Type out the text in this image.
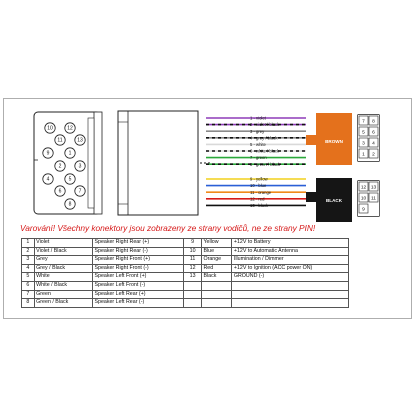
10	12
11	13
9	1
2	3
4	5
6	7
8
1 - violet
2 - violet / black
3 - grey
4 - grey / black
5 - white
6 - white / black
7 - green
8 - green / black
9 - yellow
10 - blue
11 - orange
12 - red
13 - black
BROWN
7 8
5 6
3 4
1 2
BLACK
12 13
10 11
9
Varování! Všechny konektory jsou zobrazeny ze strany vodičů, ne ze strany PIN!
1	Violet	Speaker Right Rear (+)	9	Yellow	+12V to Battery
2	Violet / Black	Speaker Right Rear (-)	10	Blue	+12V to Automatic Antenna
3	Grey	Speaker Right Front (+)	11	Orange	Illumination / Dimmer
4	Grey / Black	Speaker Right Front (-)	12	Red	+12V to Ignition (ACC power ON)
5	White	Speaker Left Front (+)	13	Black	GROUND (-)
6	White / Black	Speaker Left Front (-)			
7	Green	Speaker Left Rear (+)			
8	Green / Black	Speaker Left Rear (-)			
